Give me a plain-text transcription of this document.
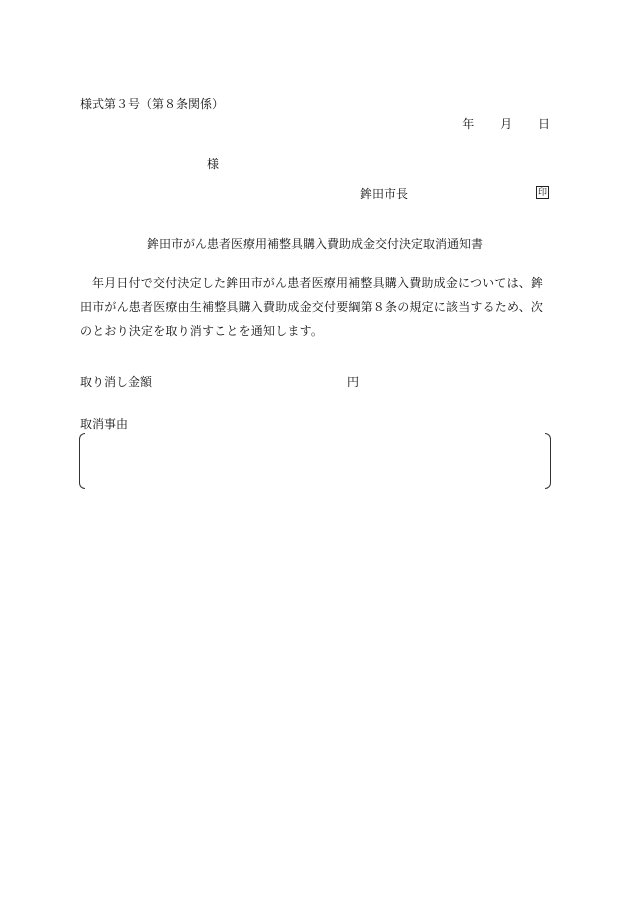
様式第３号（第８条関係）
年 月 日
様
鉾田市長	印
鉾田市がん患者医療用補整具購入費助成金交付決定取消通知書
年月日付で交付決定した鉾田市がん患者医療用補整具購入費助成金については、鉾田市がん患者医療由生補整具購入費助成金交付要綱第８条の規定に該当するため、次のとおり決定を取り消すことを通知します。
取り消し金額	円
取消事由
